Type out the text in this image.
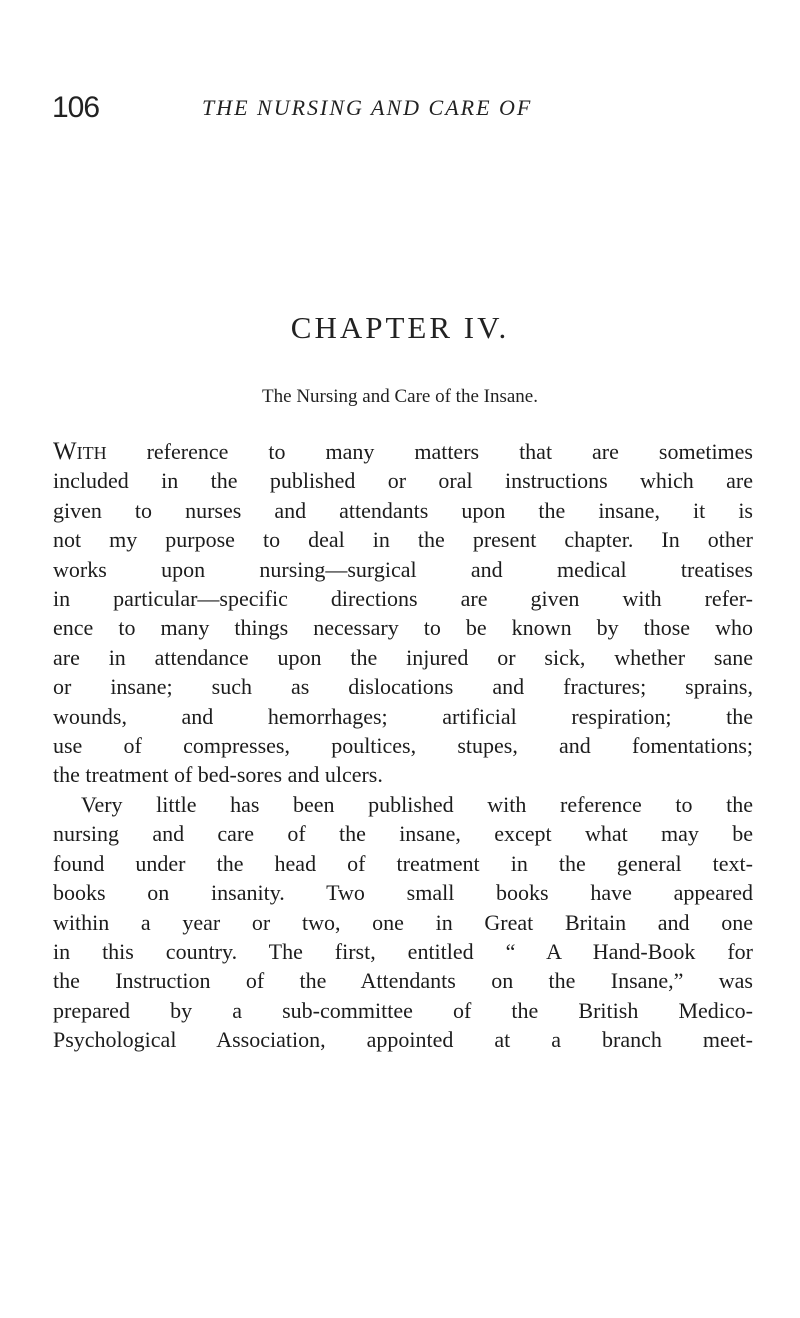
106	THE NURSING AND CARE OF
CHAPTER IV.
The Nursing and Care of the Insane.
With reference to many matters that are sometimes
included in the published or oral instructions which are
given to nurses and attendants upon the insane, it is
not my purpose to deal in the present chapter. In other
works upon nursing—surgical and medical treatises
in particular—specific directions are given with refer-
ence to many things necessary to be known by those who
are in attendance upon the injured or sick, whether sane
or insane; such as dislocations and fractures; sprains,
wounds, and hemorrhages; artificial respiration; the
use of compresses, poultices, stupes, and fomentations;
the treatment of bed-sores and ulcers.
Very little has been published with reference to the
nursing and care of the insane, except what may be
found under the head of treatment in the general text-
books on insanity. Two small books have appeared
within a year or two, one in Great Britain and one
in this country. The first, entitled “ A Hand-Book for
the Instruction of the Attendants on the Insane,” was
prepared by a sub-committee of the British Medico-
Psychological Association, appointed at a branch meet-
